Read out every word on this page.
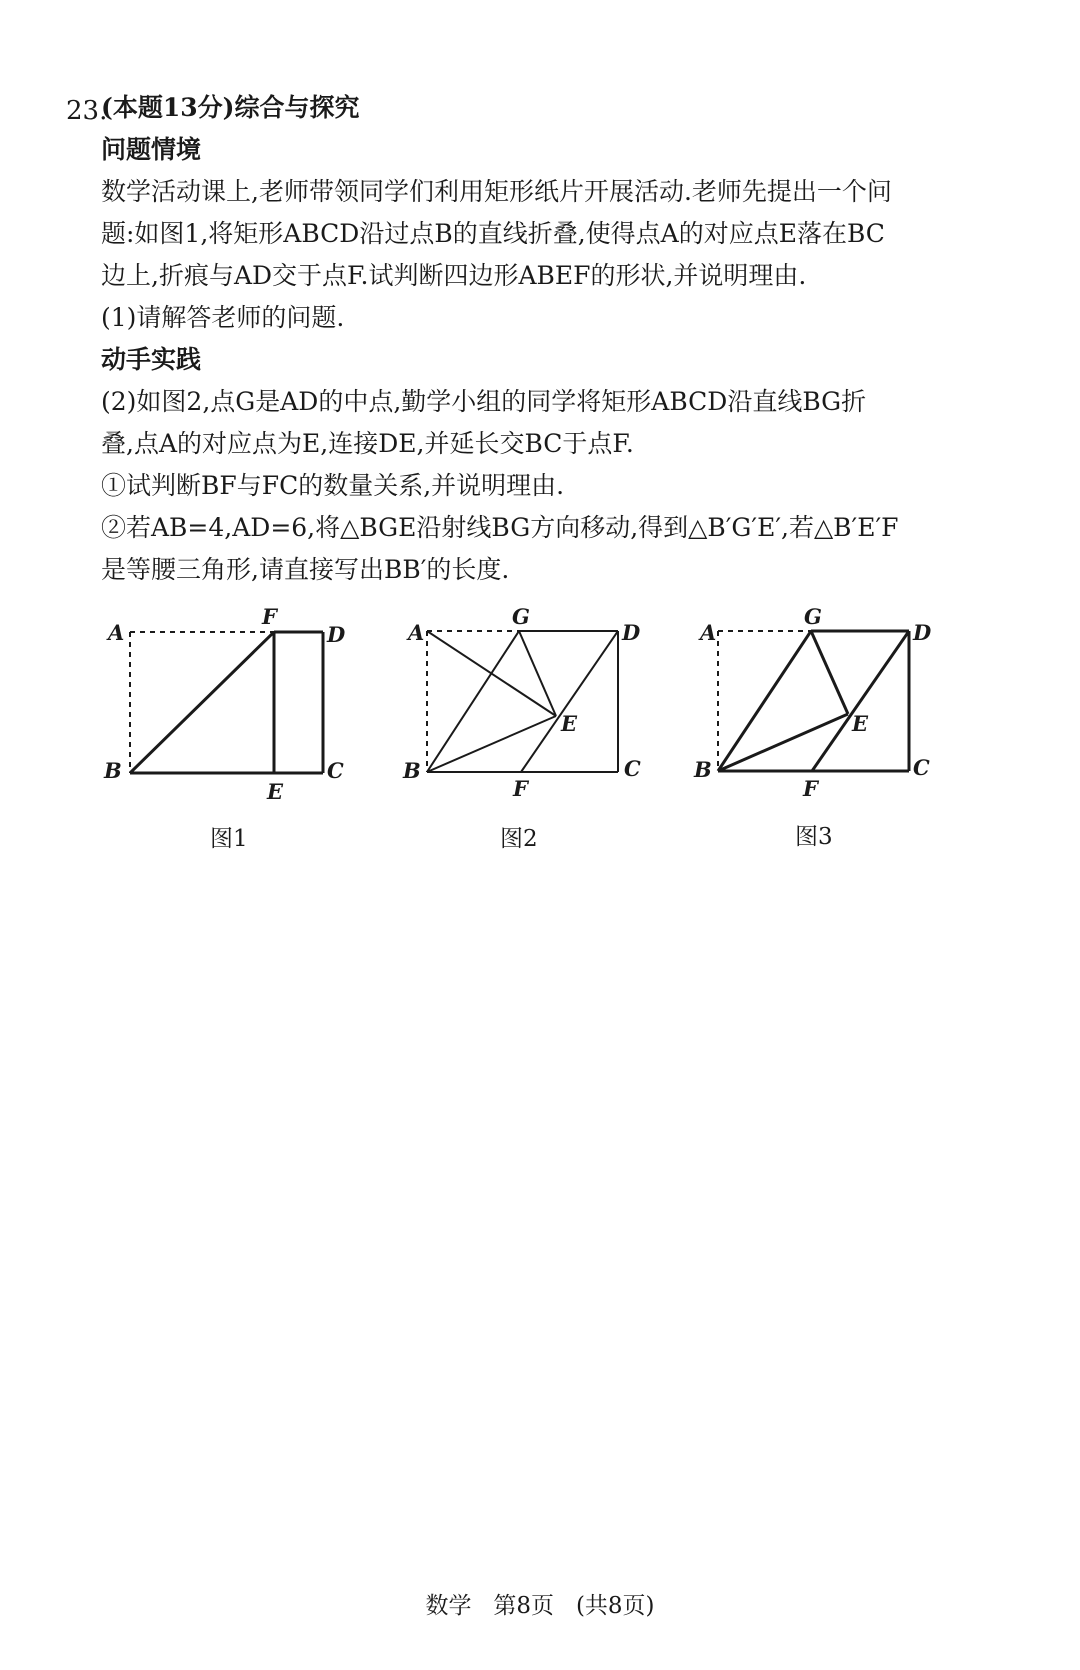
23.
(本题13分)综合与探究
问题情境
数学活动课上,老师带领同学们利用矩形纸片开展活动.老师先提出一个问
题:如图1,将矩形ABCD沿过点B的直线折叠,使得点A的对应点E落在BC
边上,折痕与AD交于点F.试判断四边形ABEF的形状,并说明理由.
(1)请解答老师的问题.
动手实践
(2)如图2,点G是AD的中点,勤学小组的同学将矩形ABCD沿直线BG折
叠,点A的对应点为E,连接DE,并延长交BC于点F.
①试判断BF与FC的数量关系,并说明理由.
②若AB=4,AD=6,将△BGE沿射线BG方向移动,得到△B′G′E′,若△B′E′F
是等腰三角形,请直接写出BB′的长度.
A
F
D
B	C
E
图1
A
G
D
E
B	C
F
图2
A
G
D
E
B	C
F
图3
数学   第8页   (共8页)
